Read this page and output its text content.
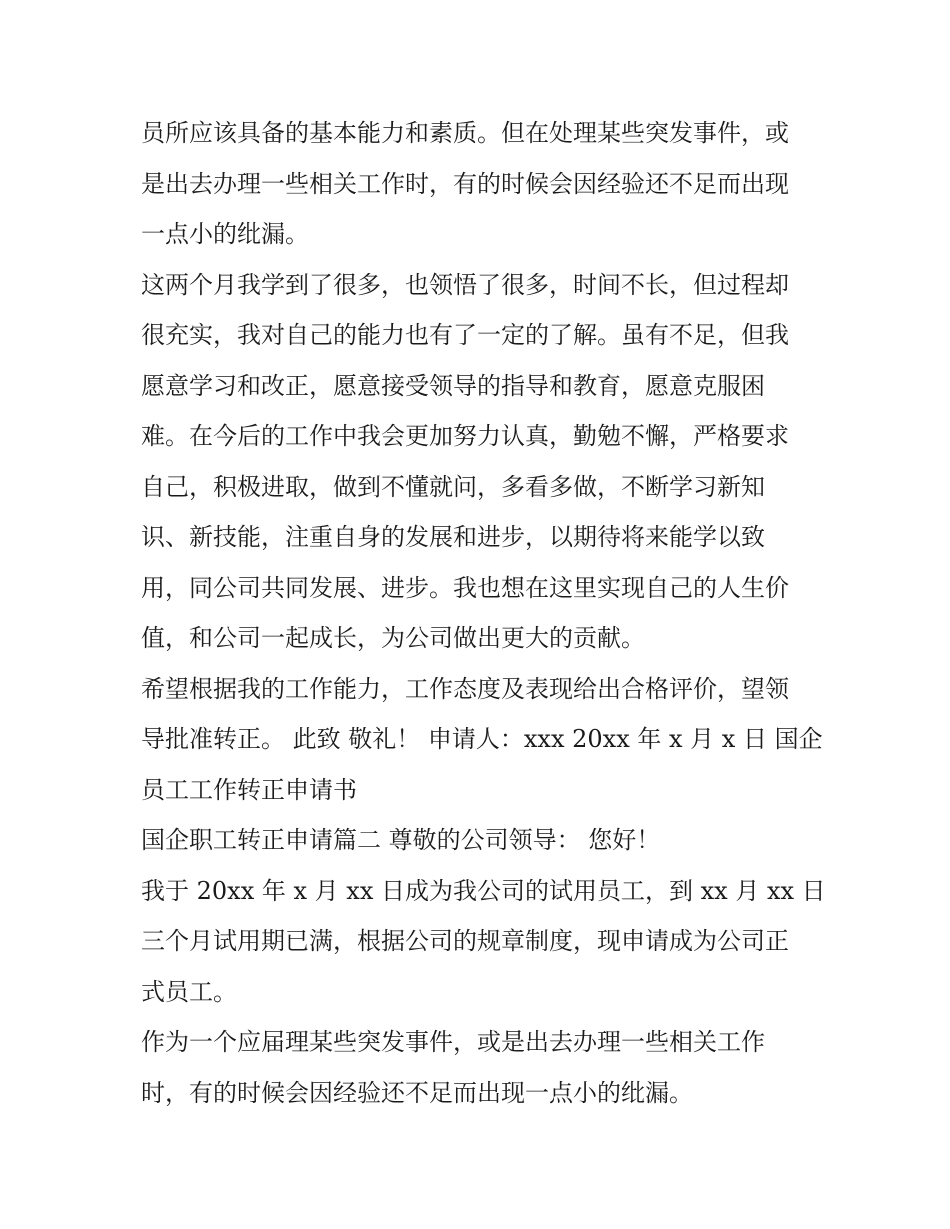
员所应该具备的基本能力和素质。但在处理某些突发事件，或
是出去办理一些相关工作时，有的时候会因经验还不足而出现
一点小的纰漏。
这两个月我学到了很多，也领悟了很多，时间不长，但过程却
很充实，我对自己的能力也有了一定的了解。虽有不足，但我
愿意学习和改正，愿意接受领导的指导和教育，愿意克服困
难。在今后的工作中我会更加努力认真，勤勉不懈，严格要求
自己，积极进取，做到不懂就问，多看多做，不断学习新知
识、新技能，注重自身的发展和进步，以期待将来能学以致
用，同公司共同发展、进步。我也想在这里实现自己的人生价
值，和公司一起成长，为公司做出更大的贡献。
希望根据我的工作能力，工作态度及表现给出合格评价，望领
导批准转正。 此致 敬礼！ 申请人：xxx 20xx 年 x 月 x 日 国企
员工工作转正申请书
国企职工转正申请篇二 尊敬的公司领导： 您好！
我于 20xx 年 x 月 xx 日成为我公司的试用员工，到 xx 月 xx 日
三个月试用期已满，根据公司的规章制度，现申请成为公司正
式员工。
作为一个应届理某些突发事件，或是出去办理一些相关工作
时，有的时候会因经验还不足而出现一点小的纰漏。
